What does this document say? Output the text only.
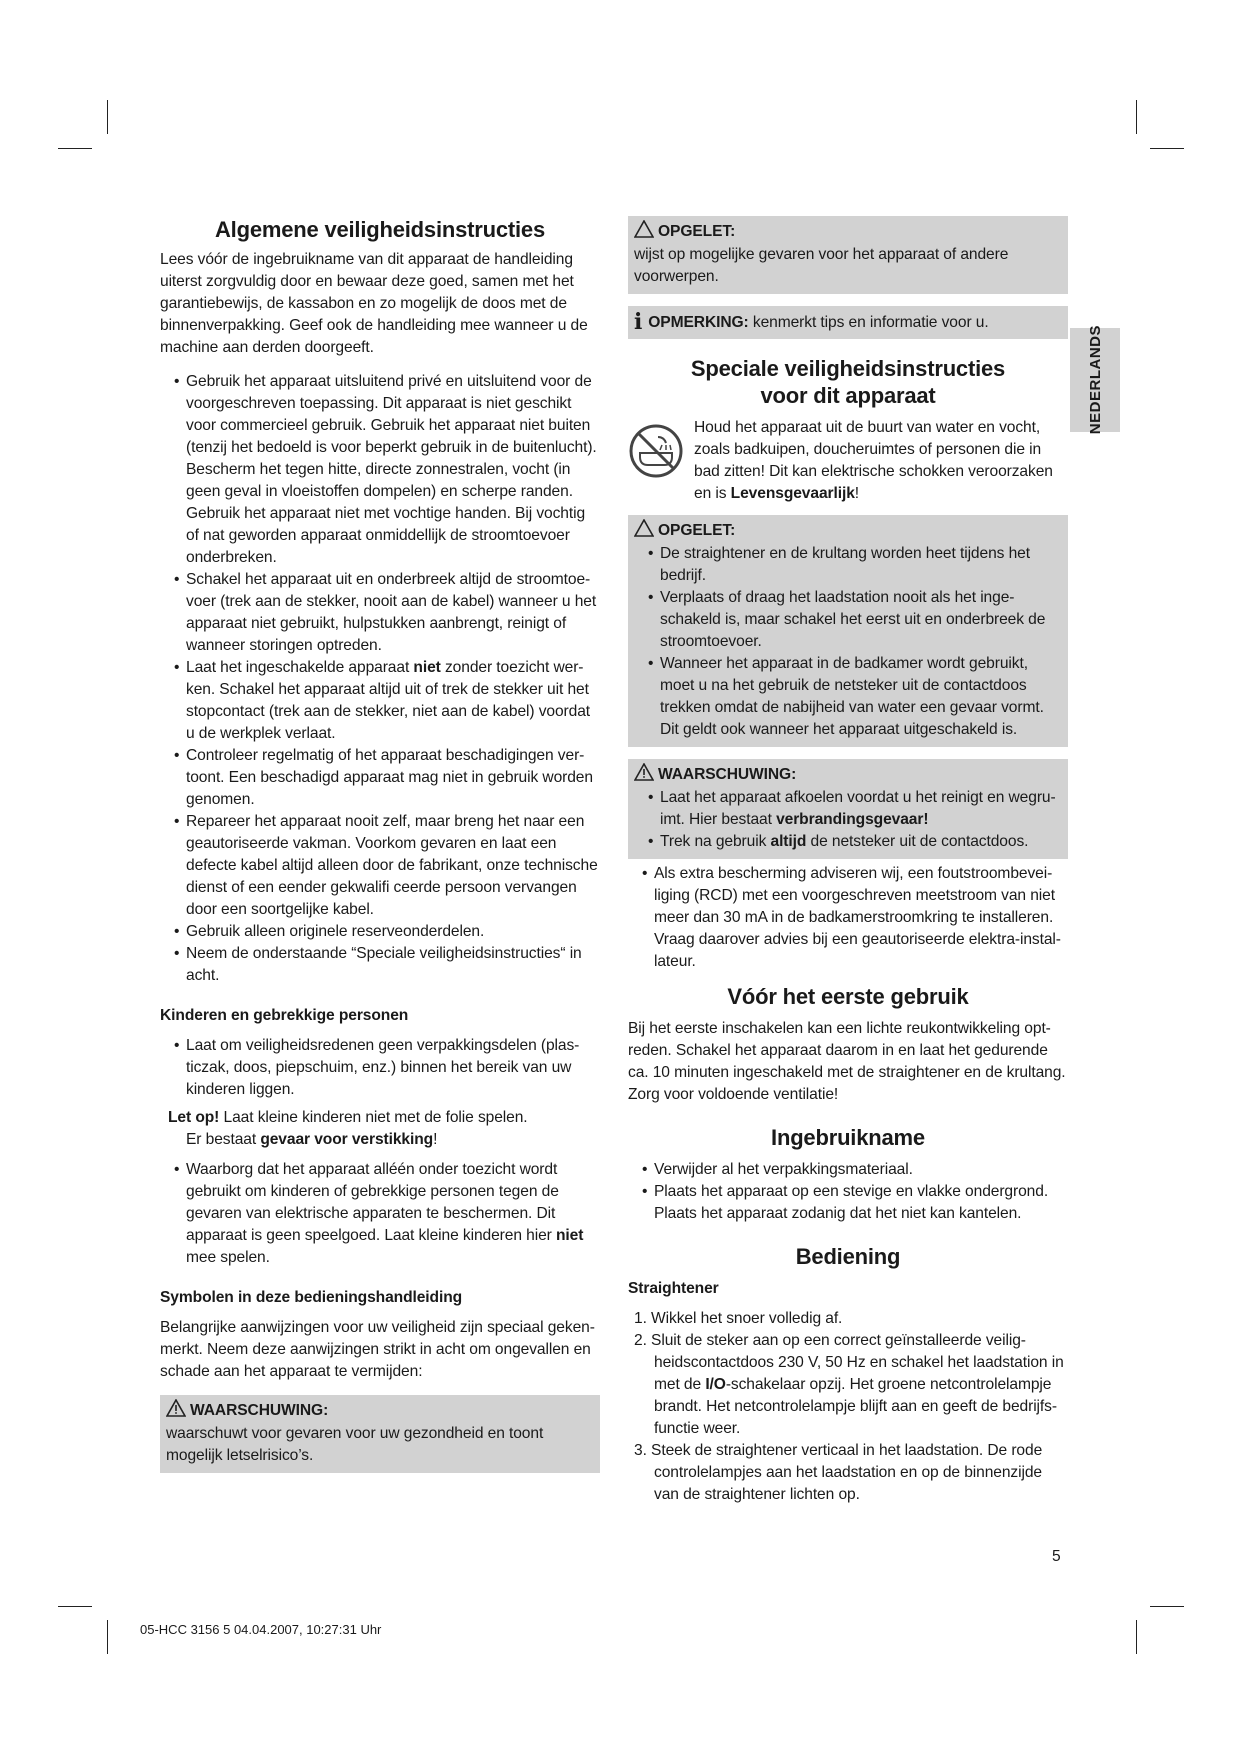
Algemene veiligheidsinstructies

Lees vóór de ingebruikname van dit apparaat de handleiding uiterst zorgvuldig door en bewaar deze goed, samen met het garantiebewijs, de kassabon en zo mogelijk de doos met de binnenverpakking. Geef ook de handleiding mee wanneer u de machine aan derden doorgeeft.

• Gebruik het apparaat uitsluitend privé en uitsluitend voor de voorgeschreven toepassing. Dit apparaat is niet geschikt voor commercieel gebruik. Gebruik het apparaat niet buiten (tenzij het bedoeld is voor beperkt gebruik in de buitenlucht). Bescherm het tegen hitte, directe zonnestralen, vocht (in geen geval in vloeistoffen dompelen) en scherpe randen. Gebruik het apparaat niet met vochtige handen. Bij vochtig of nat geworden apparaat onmiddellijk de stroomtoevoer onderbreken.
• Schakel het apparaat uit en onderbreek altijd de stroomtoe-voer (trek aan de stekker, nooit aan de kabel) wanneer u het apparaat niet gebruikt, hulpstukken aanbrengt, reinigt of wanneer storingen optreden.
• Laat het ingeschakelde apparaat niet zonder toezicht wer-ken. Schakel het apparaat altijd uit of trek de stekker uit het stopcontact (trek aan de stekker, niet aan de kabel) voordat u de werkplek verlaat.
• Controleer regelmatig of het apparaat beschadigingen ver-toont. Een beschadigd apparaat mag niet in gebruik worden genomen.
• Repareer het apparaat nooit zelf, maar breng het naar een geautoriseerde vakman. Voorkom gevaren en laat een defecte kabel altijd alleen door de fabrikant, onze technische dienst of een eender gekwalifi ceerde persoon vervangen door een soortgelijke kabel.
• Gebruik alleen originele reserveonderdelen.
• Neem de onderstaande “Speciale veiligheidsinstructies“ in acht.
Kinderen en gebrekkige personen
• Laat om veiligheidsredenen geen verpakkingsdelen (plas-ticzak, doos, piepschuim, enz.) binnen het bereik van uw kinderen liggen.
Let op! Laat kleine kinderen niet met de folie spelen.
Er bestaat gevaar voor verstikking!
• Waarborg dat het apparaat alléén onder toezicht wordt gebruikt om kinderen of gebrekkige personen tegen de gevaren van elektrische apparaten te beschermen. Dit apparaat is geen speelgoed. Laat kleine kinderen hier niet mee spelen.
Symbolen in deze bedieningshandleiding

Belangrijke aanwijzingen voor uw veiligheid zijn speciaal geken-merkt. Neem deze aanwijzingen strikt in acht om ongevallen en schade aan het apparaat te vermijden:

WAARSCHUWING:
waarschuwt voor gevaren voor uw gezondheid en toont mogelijk letselrisico’s.
OPGELET:
wijst op mogelijke gevaren voor het apparaat of andere voorwerpen.
i OPMERKING: kenmerkt tips en informatie voor u.
Speciale veiligheidsinstructies
voor dit apparaat
Houd het apparaat uit de buurt van water en vocht, zoals badkuipen, doucheruimtes of personen die in bad zitten! Dit kan elektrische schokken veroorzaken en is Levensgevaarlijk!
OPGELET:
• De straightener en de krultang worden heet tijdens het bedrijf.
• Verplaats of draag het laadstation nooit als het inge-schakeld is, maar schakel het eerst uit en onderbreek de stroomtoevoer.
• Wanneer het apparaat in de badkamer wordt gebruikt, moet u na het gebruik de netsteker uit de contactdoos trekken omdat de nabijheid van water een gevaar vormt. Dit geldt ook wanneer het apparaat uitgeschakeld is.
WAARSCHUWING:
• Laat het apparaat afkoelen voordat u het reinigt en wegru-imt. Hier bestaat verbrandingsgevaar!
• Trek na gebruik altijd de netsteker uit de contactdoos.
• Als extra bescherming adviseren wij, een foutstroombevei-liging (RCD) met een voorgeschreven meetstroom van niet meer dan 30 mA in de badkamerstroomkring te installeren. Vraag daarover advies bij een geautoriseerde elektra-instal-lateur.
Vóór het eerste gebruik

Bij het eerste inschakelen kan een lichte reukontwikkeling opt-reden. Schakel het apparaat daarom in en laat het gedurende ca. 10 minuten ingeschakeld met de straightener en de krultang. Zorg voor voldoende ventilatie!

Ingebruikname
• Verwijder al het verpakkingsmateriaal.
• Plaats het apparaat op een stevige en vlakke ondergrond. Plaats het apparaat zodanig dat het niet kan kantelen.
Bediening
Straightener
1. Wikkel het snoer volledig af.
2. Sluit de steker aan op een correct geïnstalleerde veilig-heidscontactdoos 230 V, 50 Hz en schakel het laadstation in met de I/O-schakelaar opzij. Het groene netcontrolelampje brandt. Het netcontrolelampje blijft aan en geeft de bedrijfs-functie weer.
3. Steek de straightener verticaal in het laadstation. De rode controlelampjes aan het laadstation en op de binnenzijde van de straightener lichten op.
NEDERLANDS
5
05-HCC 3156 5 04.04.2007, 10:27:31 Uhr
